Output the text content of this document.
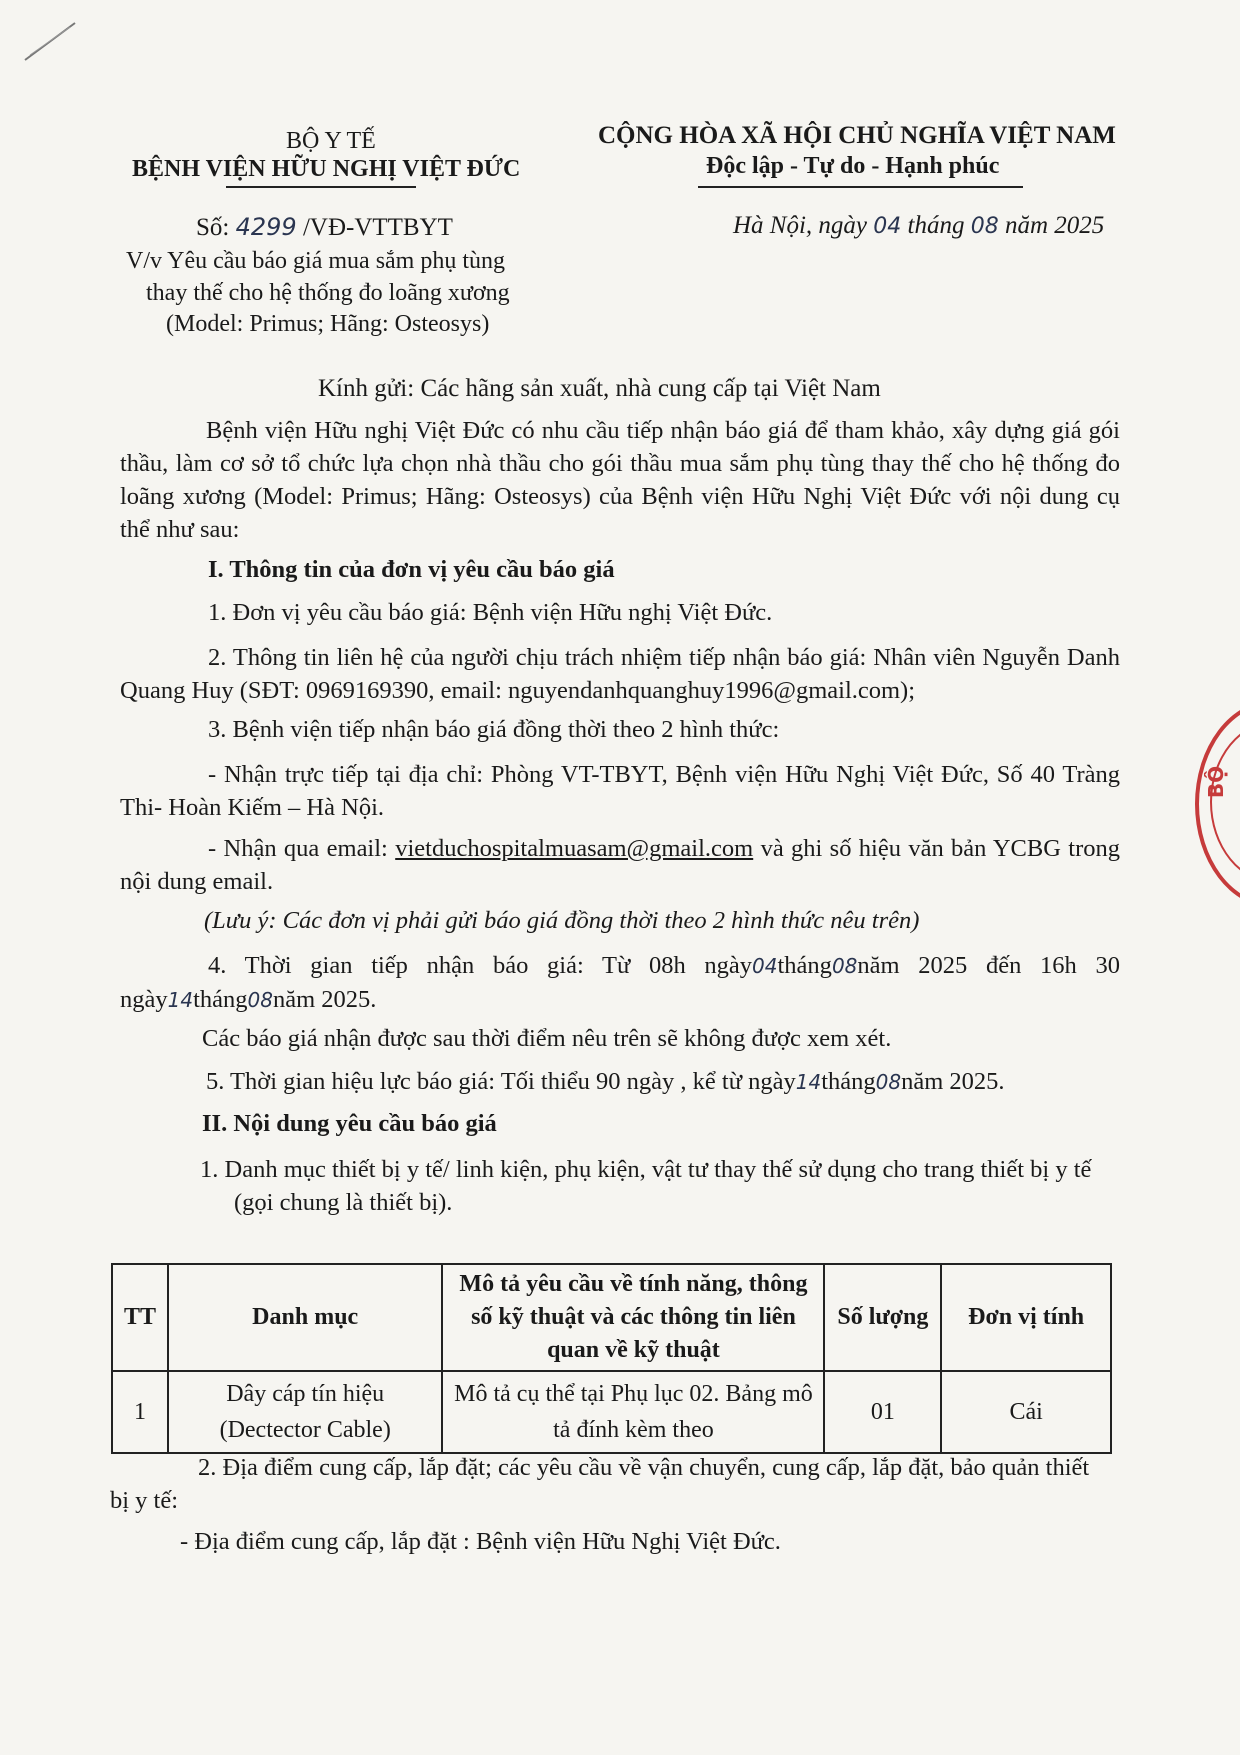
BỘ Y TẾ
BỆNH VIỆN HỮU NGHỊ VIỆT ĐỨC
Số: 4299 /VĐ-VTTBYT
V/v Yêu cầu báo giá mua sắm phụ tùng
thay thế cho hệ thống đo loãng xương
(Model: Primus; Hãng: Osteosys)
CỘNG HÒA XÃ HỘI CHỦ NGHĨA VIỆT NAM
Độc lập - Tự do - Hạnh phúc
Hà Nội, ngày 04 tháng 08 năm 2025
Kính gửi: Các hãng sản xuất, nhà cung cấp tại Việt Nam
Bệnh viện Hữu nghị Việt Đức có nhu cầu tiếp nhận báo giá để tham khảo, xây dựng giá gói thầu, làm cơ sở tổ chức lựa chọn nhà thầu cho gói thầu mua sắm phụ tùng thay thế cho hệ thống đo loãng xương (Model: Primus; Hãng: Osteosys) của Bệnh viện Hữu Nghị Việt Đức với nội dung cụ thể như sau:
I. Thông tin của đơn vị yêu cầu báo giá
1. Đơn vị yêu cầu báo giá: Bệnh viện Hữu nghị Việt Đức.
2. Thông tin liên hệ của người chịu trách nhiệm tiếp nhận báo giá: Nhân viên Nguyễn Danh Quang Huy (SĐT: 0969169390, email: nguyendanhquanghuy1996@gmail.com);
3. Bệnh viện tiếp nhận báo giá đồng thời theo 2 hình thức:
- Nhận trực tiếp tại địa chỉ: Phòng VT-TBYT, Bệnh viện Hữu Nghị Việt Đức, Số 40 Tràng Thi- Hoàn Kiếm – Hà Nội.
- Nhận qua email: vietduchospitalmuasam@gmail.com và ghi số hiệu văn bản YCBG trong nội dung email.
(Lưu ý: Các đơn vị phải gửi báo giá đồng thời theo 2 hình thức nêu trên)
4. Thời gian tiếp nhận báo giá: Từ 08h ngày04tháng08năm 2025 đến 16h 30 ngày14tháng08năm 2025.
Các báo giá nhận được sau thời điểm nêu trên sẽ không được xem xét.
5. Thời gian hiệu lực báo giá: Tối thiểu 90 ngày , kể từ ngày14tháng08năm 2025.
II. Nội dung yêu cầu báo giá
1. Danh mục thiết bị y tế/ linh kiện, phụ kiện, vật tư thay thế sử dụng cho trang thiết bị y tế (gọi chung là thiết bị).
TT	Danh mục	Mô tả yêu cầu về tính năng, thông số kỹ thuật và các thông tin liên quan về kỹ thuật	Số lượng	Đơn vị tính
1	Dây cáp tín hiệu (Dectector Cable)	Mô tả cụ thể tại Phụ lục 02. Bảng mô tả đính kèm theo	01	Cái
2. Địa điểm cung cấp, lắp đặt; các yêu cầu về vận chuyển, cung cấp, lắp đặt, bảo quản thiết bị y tế:
- Địa điểm cung cấp, lắp đặt : Bệnh viện Hữu Nghị Việt Đức.
BỘ
